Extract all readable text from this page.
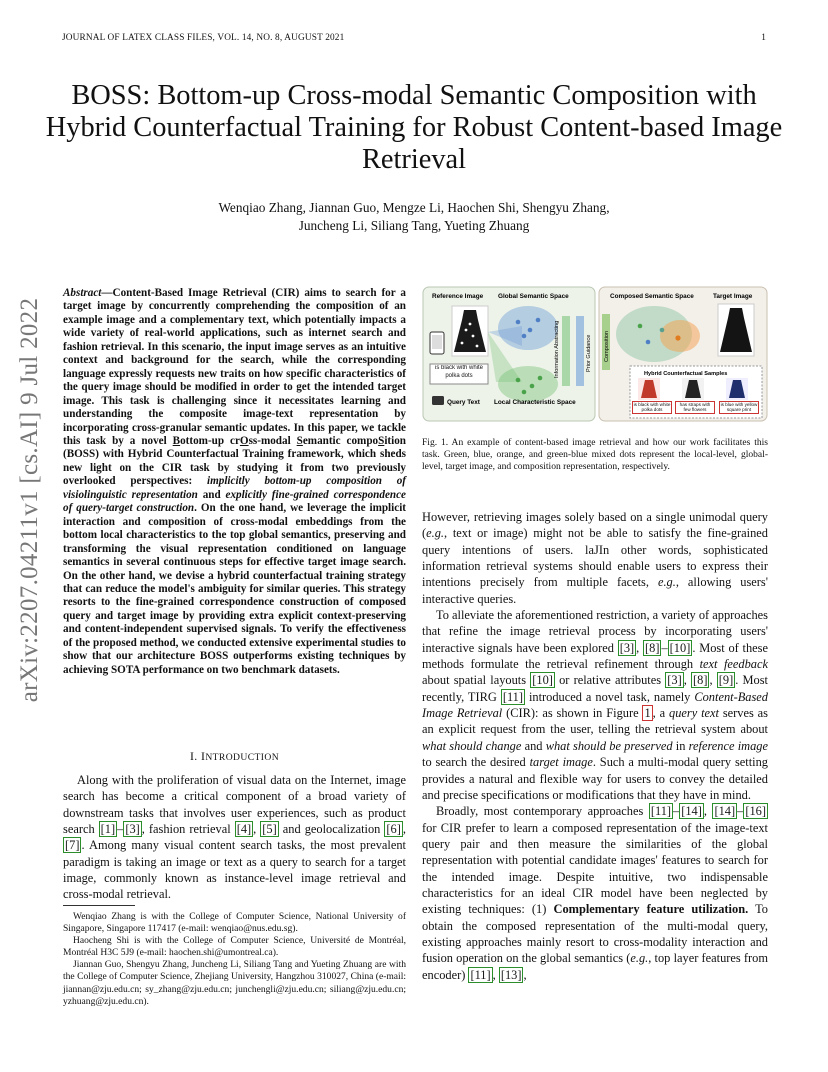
JOURNAL OF LATEX CLASS FILES, VOL. 14, NO. 8, AUGUST 2021	1
BOSS: Bottom-up Cross-modal Semantic Composition with Hybrid Counterfactual Training for Robust Content-based Image Retrieval
Wenqiao Zhang, Jiannan Guo, Mengze Li, Haochen Shi, Shengyu Zhang,
Juncheng Li, Siliang Tang, Yueting Zhuang
arXiv:2207.04211v1 [cs.AI] 9 Jul 2022
Abstract—Content-Based Image Retrieval (CIR) aims to search for a target image by concurrently comprehending the composition of an example image and a complementary text, which potentially impacts a wide variety of real-world applications, such as internet search and fashion retrieval. In this scenario, the input image serves as an intuitive context and background for the search, while the corresponding language expressly requests new traits on how specific characteristics of the query image should be modified in order to get the intended target image. This task is challenging since it necessitates learning and understanding the composite image-text representation by incorporating cross-granular semantic updates. In this paper, we tackle this task by a novel Bottom-up crOss-modal Semantic compoSition (BOSS) with Hybrid Counterfactual Training framework, which sheds new light on the CIR task by studying it from two previously overlooked perspectives: implicitly bottom-up composition of visiolinguistic representation and explicitly fine-grained correspondence of query-target construction. On the one hand, we leverage the implicit interaction and composition of cross-modal embeddings from the bottom local characteristics to the top global semantics, preserving and transforming the visual representation conditioned on language semantics in several continuous steps for effective target image search. On the other hand, we devise a hybrid counterfactual training strategy that can reduce the model's ambiguity for similar queries. This strategy resorts to the fine-grained correspondence construction of composed query and target image by providing extra explicit context-preserving and content-independent supervised signals. To verify the effectiveness of the proposed method, we conducted extensive experimental studies to show that our architecture BOSS outperforms existing techniques by achieving SOTA performance on two benchmark datasets.
I. INTRODUCTION

Along with the proliferation of visual data on the Internet, image search has become a critical component of a broad variety of downstream tasks that involves user experiences, such as product search [1] – [3] , fashion retrieval [4] , [5] and geolocalization [6] , [7] . Among many visual content search tasks, the most prevalent paradigm is taking an image or text as a query to search for a target image, commonly known as instance-level image retrieval and cross-modal retrieval.

Wenqiao Zhang is with the College of Computer Science, National University of Singapore, Singapore 117417 (e-mail: wenqiao@nus.edu.sg).

Haocheng Shi is with the College of Computer Science, Université de Montréal, Montréal H3C 5J9 (e-mail: haochen.shi@umontreal.ca).

Jiannan Guo, Shengyu Zhang, Juncheng Li, Siliang Tang and Yueting Zhuang are with the College of Computer Science, Zhejiang University, Hangzhou 310027, China (e-mail: jiannan@zju.edu.cn; sy_zhang@zju.edu.cn; junchengli@zju.edu.cn; siliang@zju.edu.cn; yzhuang@zju.edu.cn).

Reference Image Global Semantic Space	Composed Semantic Space	Target Image
Information Abstracting	Prior Guidance
is black with white polka dots
Query Text Local Characteristic Space
Composition
Hybrid Counterfactual Samples
is black with white polka dots
has straps with few flowers
is blue with yellow square print
Fig. 1. An example of content-based image retrieval and how our work facilitates this task. Green, blue, orange, and green-blue mixed dots represent the local-level, global-level, target image, and composition representation, respectively.

However, retrieving images solely based on a single unimodal query (e.g., text or image) might not be able to satisfy the fine-grained query intentions of users. laJIn other words, sophisticated information retrieval systems should enable users to express their intentions precisely from multiple facets, e.g., allowing users' interactive queries.

To alleviate the aforementioned restriction, a variety of approaches that refine the image retrieval process by incorporating users' interactive signals have been explored [3] , [8] – [10] . Most of these methods formulate the retrieval refinement through text feedback about spatial layouts [10] or relative attributes [3] , [8] , [9] . Most recently, TIRG [11] introduced a novel task, namely Content-Based Image Retrieval (CIR): as shown in Figure 1 , a query text serves as an explicit request from the user, telling the retrieval system about what should change and what should be preserved in reference image to search the desired target image. Such a multi-modal query setting provides a natural and flexible way for users to convey the detailed and precise specifications or modifications that they have in mind.

Broadly, most contemporary approaches [11] – [14] , [14] – [16] for CIR prefer to learn a composed representation of the image-text query pair and then measure the similarities of the global representation with potential candidate images' features to search for the intended image. Despite intuitive, two indispensable characteristics for an ideal CIR model have been neglected by existing techniques: (1) Complementary feature utilization. To obtain the composed representation of the multi-modal query, existing approaches mainly resort to cross-modality interaction and fusion operation on the global semantics (e.g., top layer features from encoder) [11] , [13] ,
